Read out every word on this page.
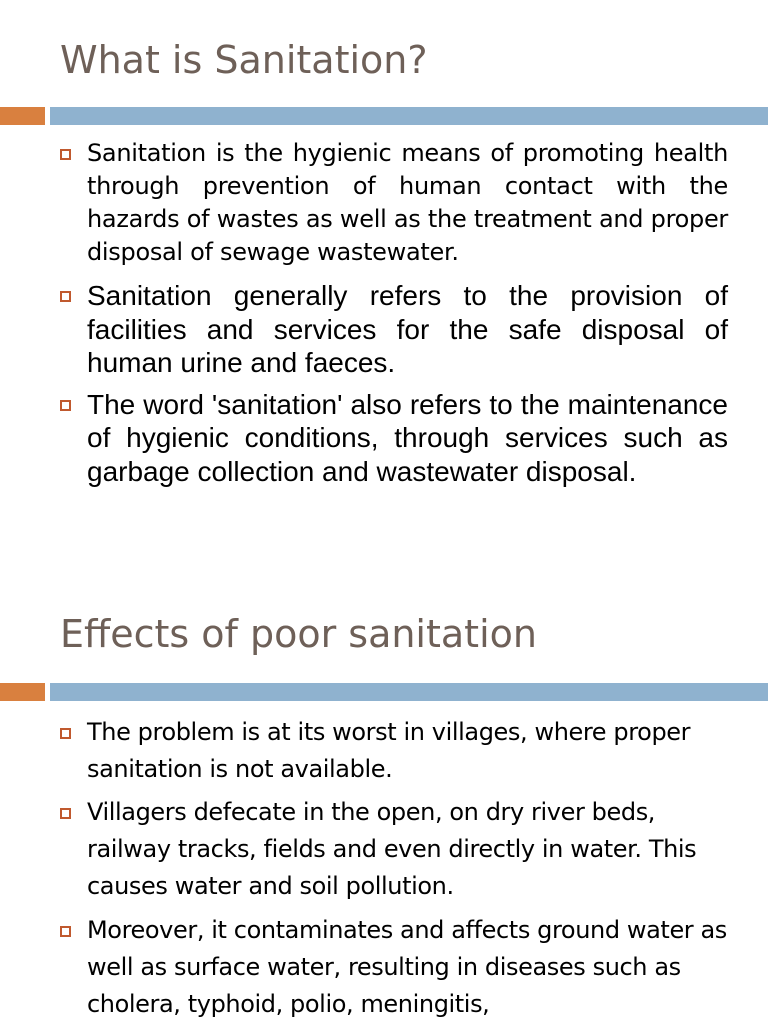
What is Sanitation?
Sanitation is the hygienic means of promoting health through prevention of human contact with the hazards of wastes as well as the treatment and proper disposal of sewage wastewater.
Sanitation generally refers to the provision of facilities and services for the safe disposal of human urine and faeces.
The word 'sanitation' also refers to the maintenance of hygienic conditions, through services such as garbage collection and wastewater disposal.
Effects of poor sanitation
The problem is at its worst in villages, where proper sanitation is not available.
Villagers defecate in the open, on dry river beds, railway tracks, fields and even directly in water. This causes water and soil pollution.
Moreover, it contaminates and affects ground water as well as surface water, resulting in diseases such as cholera, typhoid, polio, meningitis,
